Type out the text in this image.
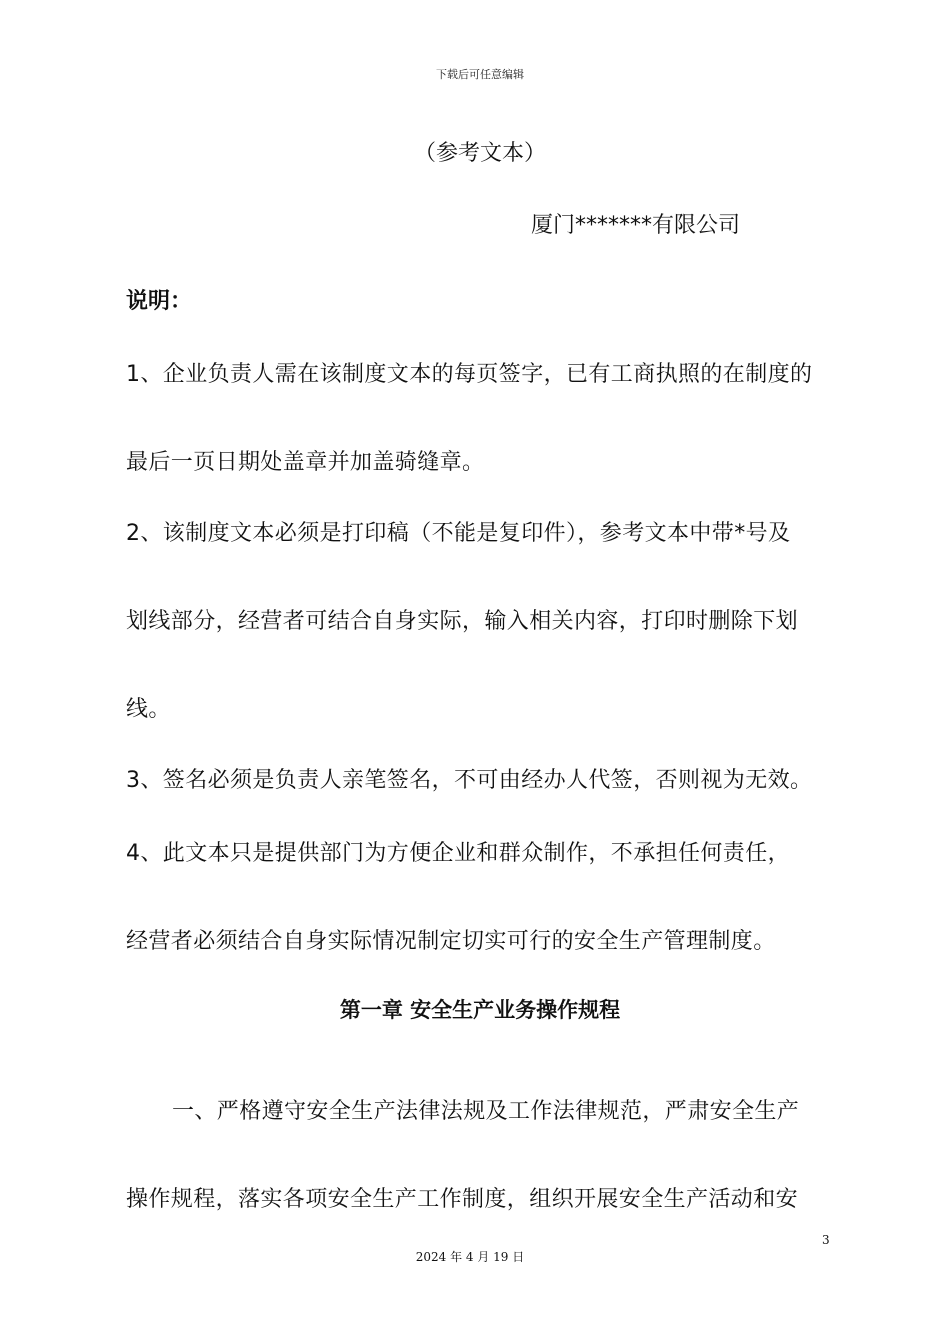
下载后可任意编辑
（参考文本）
厦门*******有限公司
说明：
1、企业负责人需在该制度文本的每页签字，已有工商执照的在制度的
最后一页日期处盖章并加盖骑缝章。
2、该制度文本必须是打印稿（不能是复印件），参考文本中带*号及
划线部分，经营者可结合自身实际，输入相关内容，打印时删除下划
线。
3、签名必须是负责人亲笔签名，不可由经办人代签，否则视为无效。
4、此文本只是提供部门为方便企业和群众制作，不承担任何责任，
经营者必须结合自身实际情况制定切实可行的安全生产管理制度。
第一章 安全生产业务操作规程
一、严格遵守安全生产法律法规及工作法律规范，严肃安全生产
操作规程，落实各项安全生产工作制度，组织开展安全生产活动和安
3
2024 年 4 月 19 日
